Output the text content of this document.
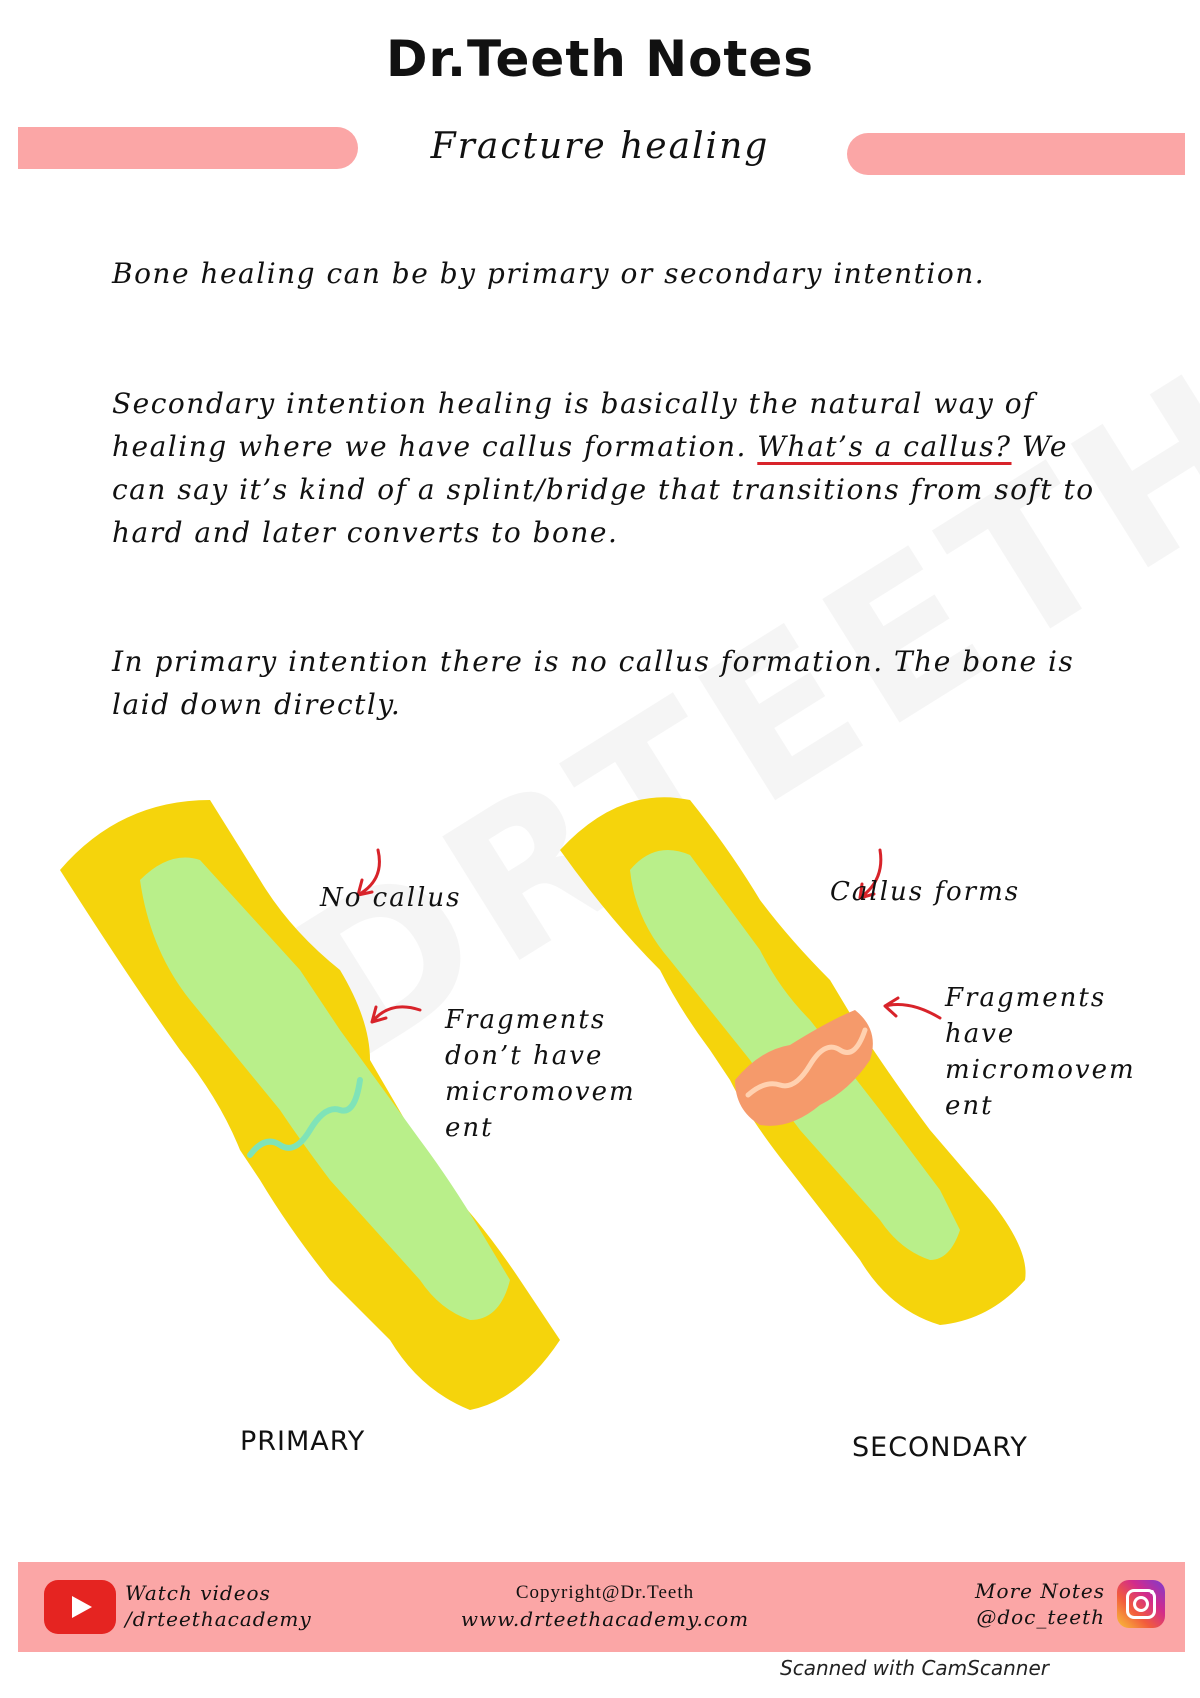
Dr.Teeth Notes
Fracture healing
Bone healing can be by primary or secondary intention.
Secondary intention healing is basically the natural way of healing where we have callus formation. What’s a callus? We can say it’s kind of a splint/bridge that transitions from soft to hard and later converts to bone.
In primary intention there is no callus formation. The bone is laid down directly.
No callus
Fragments
don’t have
micromovem
ent
PRIMARY
Callus forms
Fragments
have
micromovem
ent
SECONDARY
Watch videos
/drteethacademy
Copyright@Dr.Teeth
www.drteethacademy.com
More Notes
@doc_teeth
Scanned with CamScanner
